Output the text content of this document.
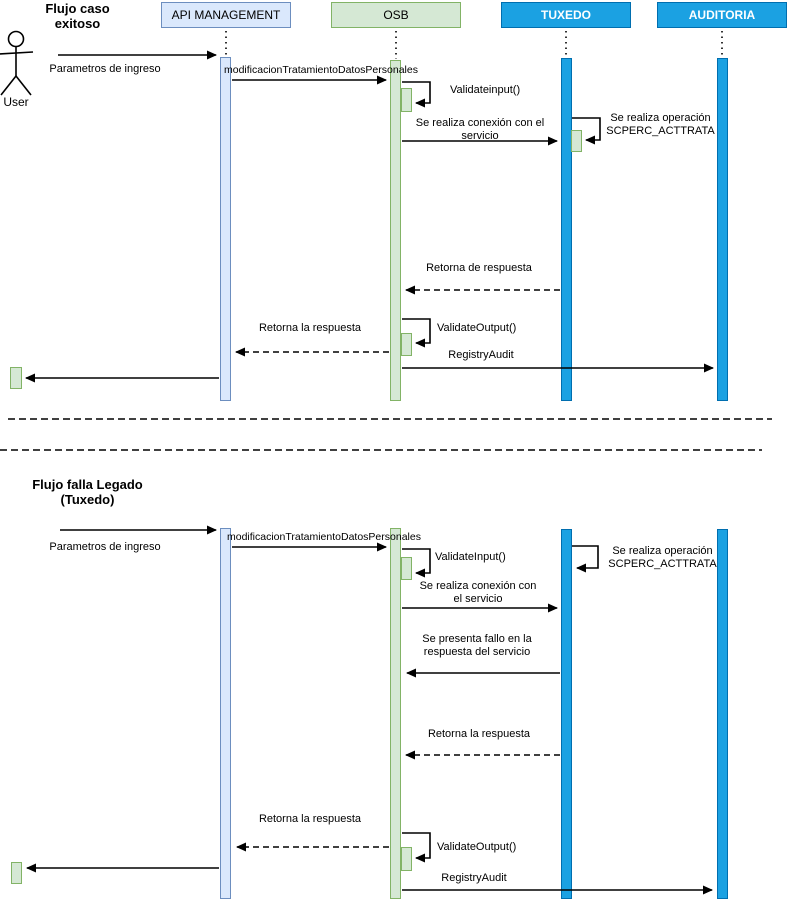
Flujo caso exitoso
Flujo falla Legado (Tuxedo)
API MANAGEMENT	OSB	TUXEDO	AUDITORIA
User
Parametros de ingreso	modificacionTratamientoDatosPersonales
Validateinput()
Se realiza conexión con el servicio
Se realiza operación SCPERC_ACTTRATA
Retorna de respuesta
ValidateOutput()
Retorna la respuesta
RegistryAudit
Parametros de ingreso
modificacionTratamientoDatosPersonales
ValidateInput()	Se realiza operación SCPERC_ACTTRATA
Se realiza conexión con el servicio
Se presenta fallo en la respuesta del servicio
Retorna la respuesta
Retorna la respuesta
ValidateOutput()
RegistryAudit
